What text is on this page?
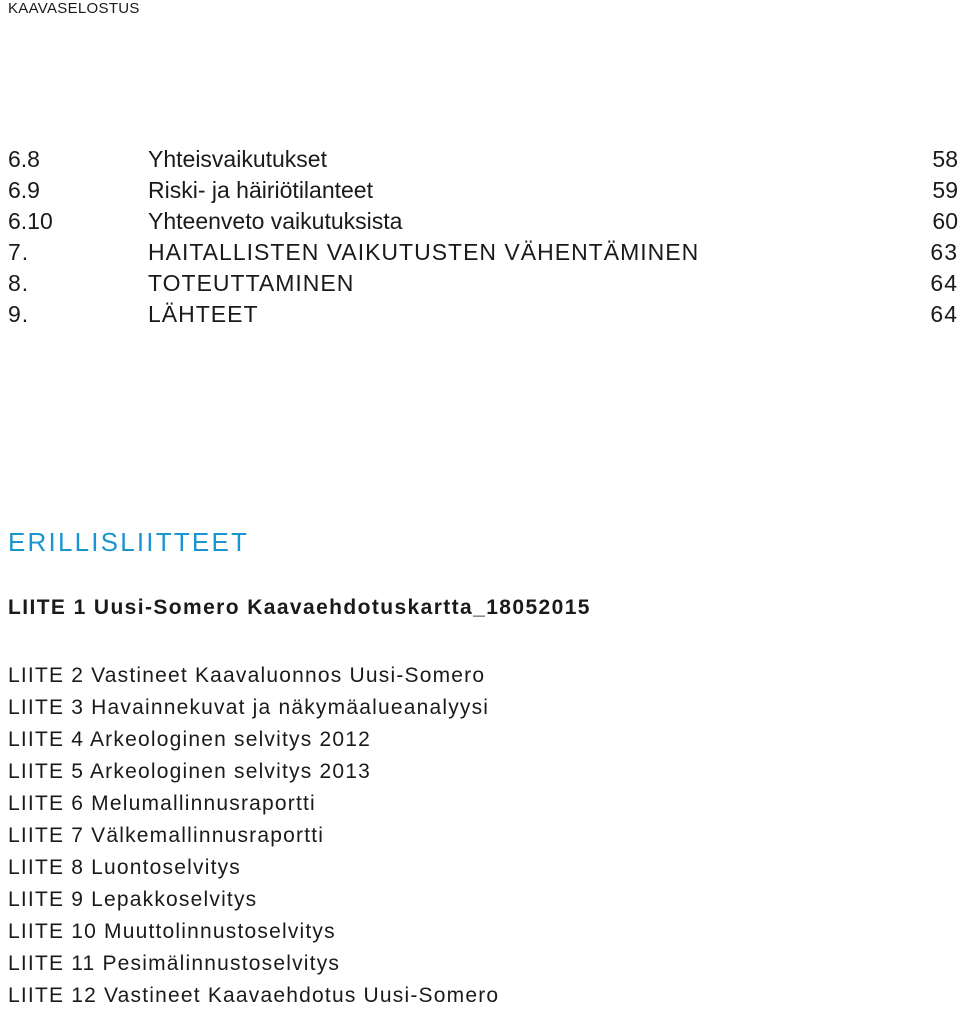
KAAVASELOSTUS
6.8	Yhteisvaikutukset	58
6.9	Riski- ja häiriötilanteet	59
6.10	Yhteenveto vaikutuksista	60
7.	HAITALLISTEN VAIKUTUSTEN VÄHENTÄMINEN	63
8.	TOTEUTTAMINEN	64
9.	LÄHTEET	64
ERILLISLIITTEET
LIITE 1 Uusi-Somero Kaavaehdotuskartta_18052015
LIITE 2 Vastineet Kaavaluonnos Uusi-Somero
LIITE 3 Havainnekuvat ja näkymäalueanalyysi
LIITE 4 Arkeologinen selvitys 2012
LIITE 5 Arkeologinen selvitys 2013
LIITE 6 Melumallinnusraportti
LIITE 7 Välkemallinnusraportti
LIITE 8 Luontoselvitys
LIITE 9 Lepakkoselvitys
LIITE 10 Muuttolinnustoselvitys
LIITE 11 Pesimälinnustoselvitys
LIITE 12 Vastineet Kaavaehdotus Uusi-Somero
